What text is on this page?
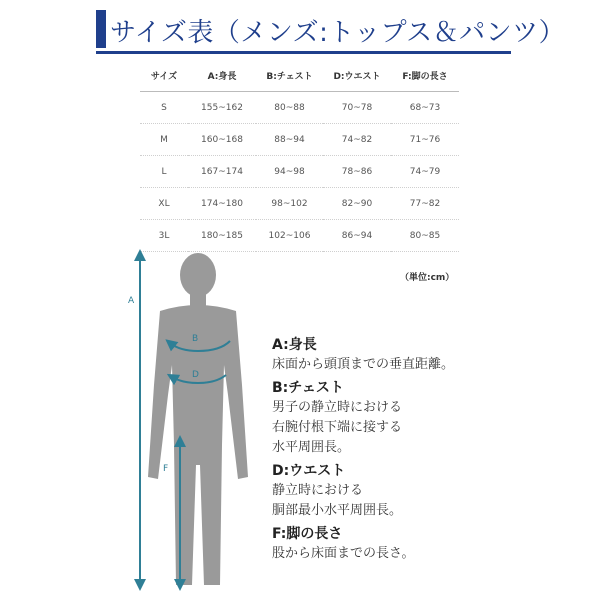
サイズ表（メンズ:トップス＆パンツ）
サイズ	A:身長	B:チェスト	D:ウエスト	F:脚の長さ
S	155~162	80~88	70~78	68~73
M	160~168	88~94	74~82	71~76
L	167~174	94~98	78~86	74~79
XL	174~180	98~102	82~90	77~82
3L	180~185	102~106	86~94	80~85
（単位:cm）
A
B
D
F

A:身長

床面から頭頂までの垂直距離。

B:チェスト

男子の静立時における

右腕付根下端に接する

水平周囲長。

D:ウエスト

静立時における

胴部最小水平周囲長。

F:脚の長さ

股から床面までの長さ。
